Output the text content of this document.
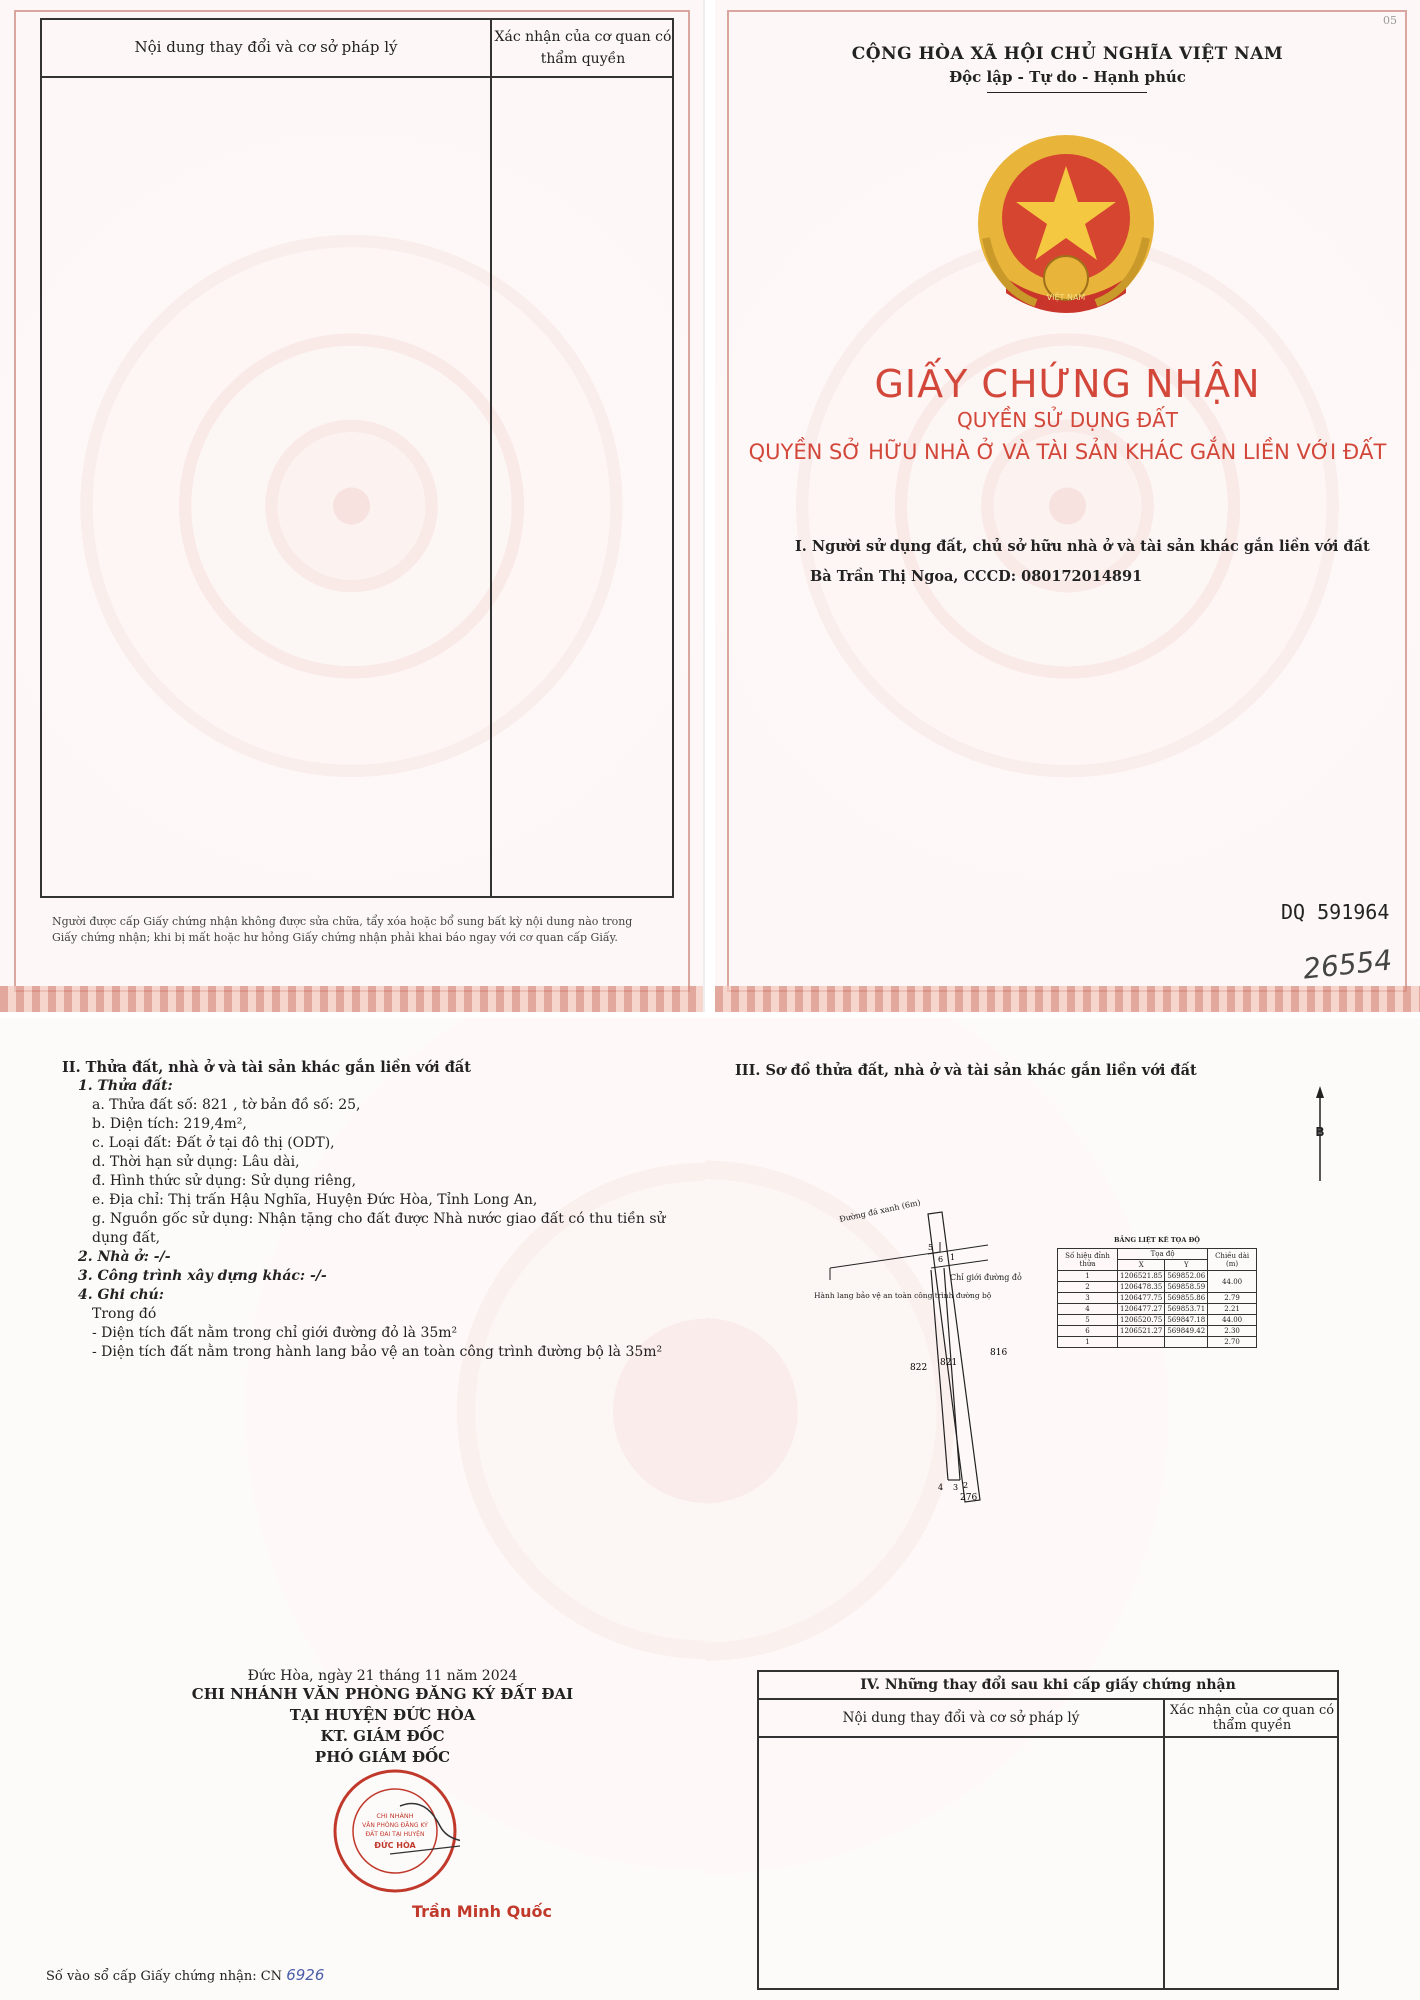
Nội dung thay đổi và cơ sở pháp lý
Xác nhận của cơ quan có thẩm quyền
Người được cấp Giấy chứng nhận không được sửa chữa, tẩy xóa hoặc bổ sung bất kỳ nội dung nào trong Giấy chứng nhận; khi bị mất hoặc hư hỏng Giấy chứng nhận phải khai báo ngay với cơ quan cấp Giấy.
05
CỘNG HÒA XÃ HỘI CHỦ NGHĨA VIỆT NAM
Độc lập - Tự do - Hạnh phúc
VIỆT NAM
GIẤY CHỨNG NHẬN
QUYỀN SỬ DỤNG ĐẤT
QUYỀN SỞ HỮU NHÀ Ở VÀ TÀI SẢN KHÁC GẮN LIỀN VỚI ĐẤT
I. Người sử dụng đất, chủ sở hữu nhà ở và tài sản khác gắn liền với đất
Bà Trần Thị Ngoa, CCCD: 080172014891
DQ 591964
26554
II. Thửa đất, nhà ở và tài sản khác gắn liền với đất
1. Thửa đất:
a. Thửa đất số: 821 , tờ bản đồ số: 25,
b. Diện tích: 219,4m²,
c. Loại đất: Đất ở tại đô thị (ODT),
d. Thời hạn sử dụng: Lâu dài,
đ. Hình thức sử dụng: Sử dụng riêng,
e. Địa chỉ: Thị trấn Hậu Nghĩa, Huyện Đức Hòa, Tỉnh Long An,
g. Nguồn gốc sử dụng: Nhận tặng cho đất được Nhà nước giao đất có thu tiền sử dụng đất,
2. Nhà ở: -/-
3. Công trình xây dựng khác: -/-
4. Ghi chú:
Trong đó
- Diện tích đất nằm trong chỉ giới đường đỏ là 35m²
- Diện tích đất nằm trong hành lang bảo vệ an toàn công trình đường bộ là 35m²
Đức Hòa, ngày 21 tháng 11 năm 2024
CHI NHÁNH VĂN PHÒNG ĐĂNG KÝ ĐẤT ĐAI
TẠI HUYỆN ĐỨC HÒA
KT. GIÁM ĐỐC
PHÓ GIÁM ĐỐC
CHI NHÁNH
VĂN PHÒNG ĐĂNG KÝ
ĐẤT ĐAI TẠI HUYỆN
ĐỨC HÒA
Trần Minh Quốc
Số vào sổ cấp Giấy chứng nhận: CN 6926
III. Sơ đồ thửa đất, nhà ở và tài sản khác gắn liền với đất
B
Đường đá xanh (6m)
5
6 1
4 3 2
Chỉ giới đường đỏ
Hành lang bảo vệ an toàn công trình đường bộ
821
822
816
276
BẢNG LIỆT KÊ TỌA ĐỘ
Số hiệu đỉnh thửa	Tọa độ		Chiều dài (m)
	X	Y	
1	1206521.85	569852.06	44.00
2	1206478.35	569858.59	
3	1206477.75	569855.86	2.79
4	1206477.27	569853.71	2.21
5	1206520.75	569847.18	44.00
6	1206521.27	569849.42	2.30
1			2.70
IV. Những thay đổi sau khi cấp giấy chứng nhận
Nội dung thay đổi và cơ sở pháp lý	Xác nhận của cơ quan có thẩm quyền
